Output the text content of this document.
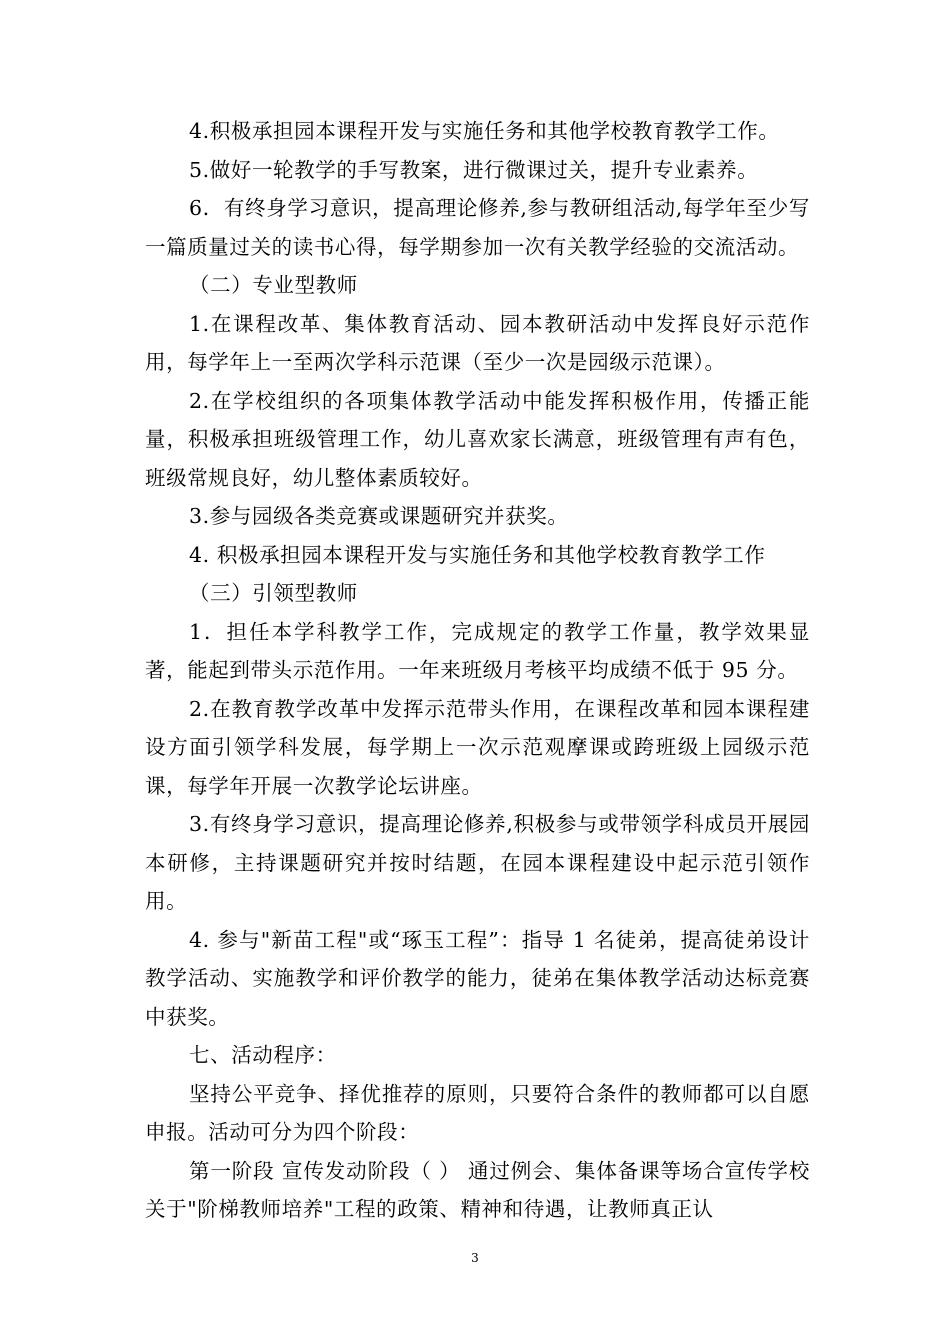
4.积极承担园本课程开发与实施任务和其他学校教育教学工作。

5.做好一轮教学的手写教案，进行微课过关，提升专业素养。

6．有终身学习意识，提高理论修养,参与教研组活动,每学年至少写一篇质量过关的读书心得，每学期参加一次有关教学经验的交流活动。

（二）专业型教师

1.在课程改革、集体教育活动、园本教研活动中发挥良好示范作用，每学年上一至两次学科示范课（至少一次是园级示范课）。

2.在学校组织的各项集体教学活动中能发挥积极作用，传播正能量，积极承担班级管理工作，幼儿喜欢家长满意，班级管理有声有色，班级常规良好，幼儿整体素质较好。

3.参与园级各类竞赛或课题研究并获奖。

4. 积极承担园本课程开发与实施任务和其他学校教育教学工作

（三）引领型教师

1．担任本学科教学工作，完成规定的教学工作量，教学效果显著，能起到带头示范作用。一年来班级月考核平均成绩不低于 95 分。

2.在教育教学改革中发挥示范带头作用，在课程改革和园本课程建设方面引领学科发展，每学期上一次示范观摩课或跨班级上园级示范课，每学年开展一次教学论坛讲座。

3.有终身学习意识，提高理论修养,积极参与或带领学科成员开展园本研修，主持课题研究并按时结题，在园本课程建设中起示范引领作用。

4. 参与"新苗工程"或“琢玉工程”：指导 1 名徒弟，提高徒弟设计教学活动、实施教学和评价教学的能力，徒弟在集体教学活动达标竞赛中获奖。

七、活动程序：

坚持公平竞争、择优推荐的原则，只要符合条件的教师都可以自愿申报。活动可分为四个阶段：

第一阶段 宣传发动阶段（ ） 通过例会、集体备课等场合宣传学校关于"阶梯教师培养"工程的政策、精神和待遇，让教师真正认

3
